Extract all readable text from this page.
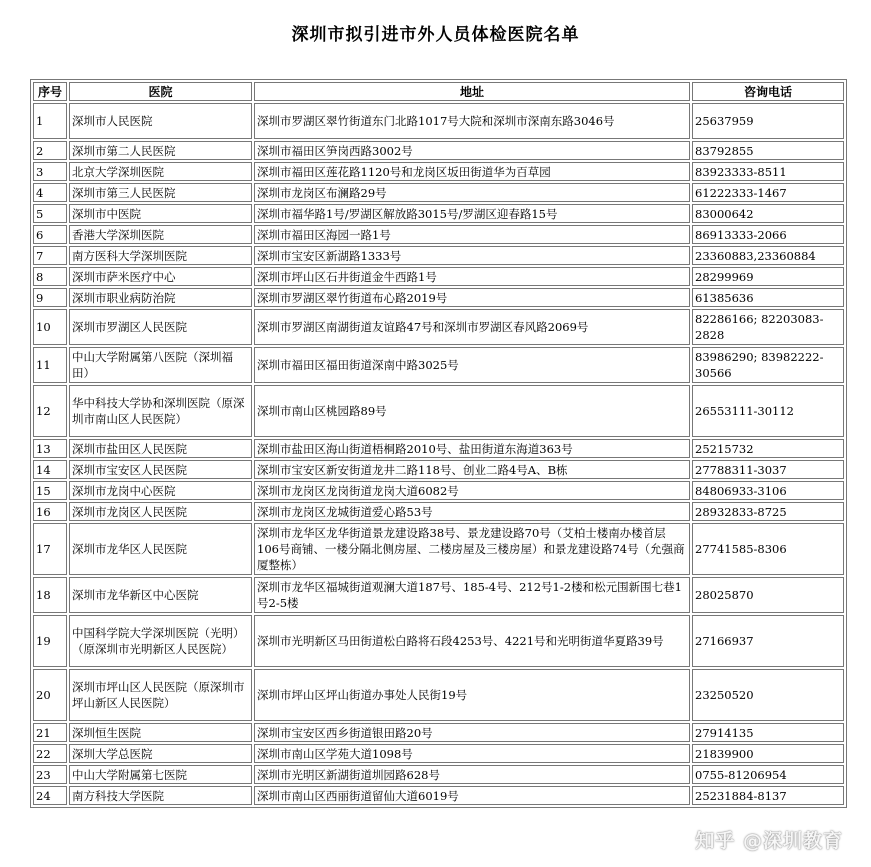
深圳市拟引进市外人员体检医院名单
序号	医院	地址	咨询电话
1	深圳市人民医院	深圳市罗湖区翠竹街道东门北路1017号大院和深圳市深南东路3046号	25637959
2	深圳市第二人民医院	深圳市福田区笋岗西路3002号	83792855
3	北京大学深圳医院	深圳市福田区莲花路1120号和龙岗区坂田街道华为百草园	83923333-8511
4	深圳市第三人民医院	深圳市龙岗区布澜路29号	61222333-1467
5	深圳市中医院	深圳市福华路1号/罗湖区解放路3015号/罗湖区迎春路15号	83000642
6	香港大学深圳医院	深圳市福田区海园一路1号	86913333-2066
7	南方医科大学深圳医院	深圳市宝安区新湖路1333号	23360883,23360884
8	深圳市萨米医疗中心	深圳市坪山区石井街道金牛西路1号	28299969
9	深圳市职业病防治院	深圳市罗湖区翠竹街道布心路2019号	61385636
10	深圳市罗湖区人民医院	深圳市罗湖区南湖街道友谊路47号和深圳市罗湖区春风路2069号	82286166; 82203083-2828
11	中山大学附属第八医院（深圳福田）	深圳市福田区福田街道深南中路3025号	83986290; 83982222-30566
12	华中科技大学协和深圳医院（原深圳市南山区人民医院）	深圳市南山区桃园路89号	26553111-30112
13	深圳市盐田区人民医院	深圳市盐田区海山街道梧桐路2010号、盐田街道东海道363号	25215732
14	深圳市宝安区人民医院	深圳市宝安区新安街道龙井二路118号、创业二路4号A、B栋	27788311-3037
15	深圳市龙岗中心医院	深圳市龙岗区龙岗街道龙岗大道6082号	84806933-3106
16	深圳市龙岗区人民医院	深圳市龙岗区龙城街道爱心路53号	28932833-8725
17	深圳市龙华区人民医院	深圳市龙华区龙华街道景龙建设路38号、景龙建设路70号（艾柏士楼南办楼首层106号商铺、一楼分隔北侧房屋、二楼房屋及三楼房屋）和景龙建设路74号（允强商厦整栋）	27741585-8306
18	深圳市龙华新区中心医院	深圳市龙华区福城街道观澜大道187号、185-4号、212号1-2楼和松元围新围七巷1号2-5楼	28025870
19	中国科学院大学深圳医院（光明）（原深圳市光明新区人民医院）	深圳市光明新区马田街道松白路将石段4253号、4221号和光明街道华夏路39号	27166937
20	深圳市坪山区人民医院（原深圳市坪山新区人民医院）	深圳市坪山区坪山街道办事处人民街19号	23250520
21	深圳恒生医院	深圳市宝安区西乡街道银田路20号	27914135
22	深圳大学总医院	深圳市南山区学苑大道1098号	21839900
23	中山大学附属第七医院	深圳市光明区新湖街道圳园路628号	0755-81206954
24	南方科技大学医院	深圳市南山区西丽街道留仙大道6019号	25231884-8137
知乎 @深圳教育
